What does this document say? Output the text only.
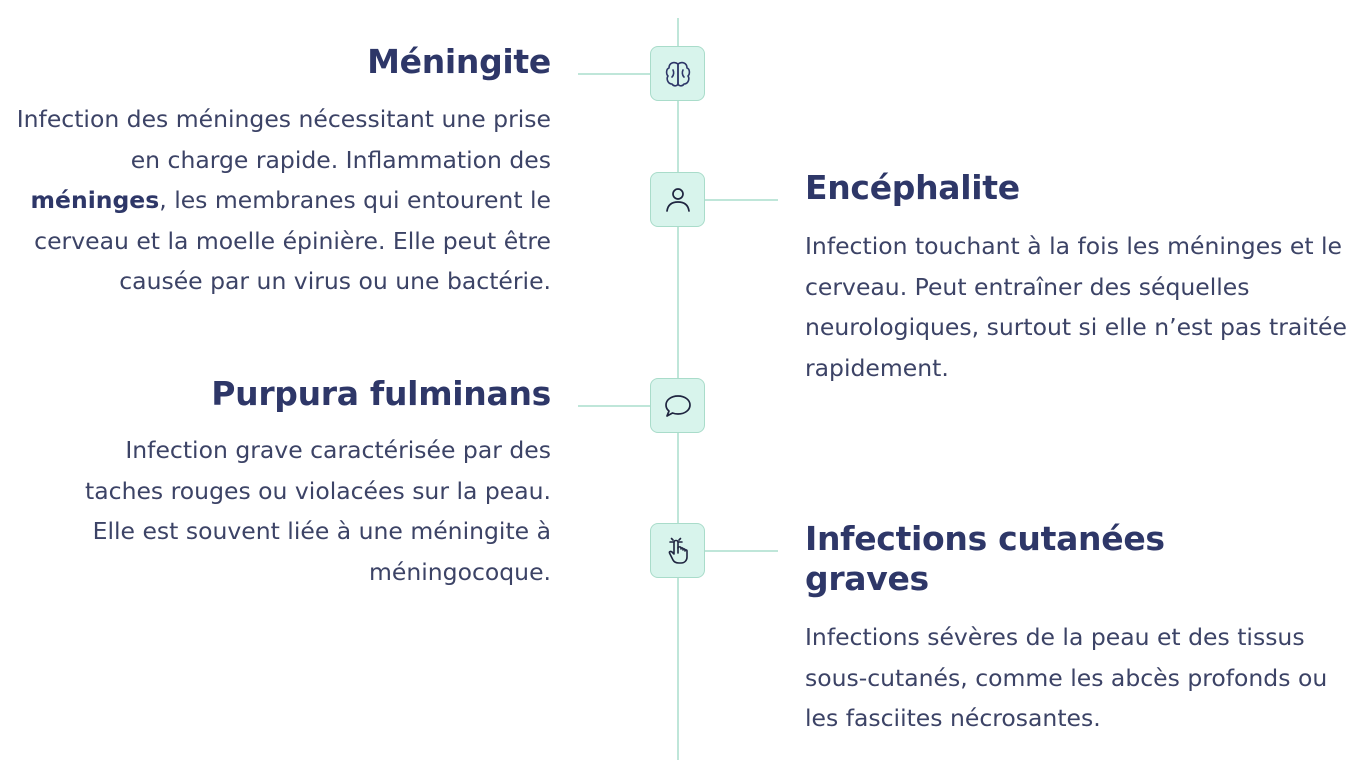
Méningite

Infection des méninges nécessitant une prise en charge rapide. Inflammation des méninges, les membranes qui entourent le cerveau et la moelle épinière. Elle peut être causée par un virus ou une bactérie.

Encéphalite

Infection touchant à la fois les méninges et le cerveau. Peut entraîner des séquelles neurologiques, surtout si elle n’est pas traitée rapidement.

Purpura fulminans

Infection grave caractérisée par des taches rouges ou violacées sur la peau. Elle est souvent liée à une méningite à méningocoque.

Infections cutanées graves

Infections sévères de la peau et des tissus sous-cutanés, comme les abcès profonds ou les fasciites nécrosantes.
